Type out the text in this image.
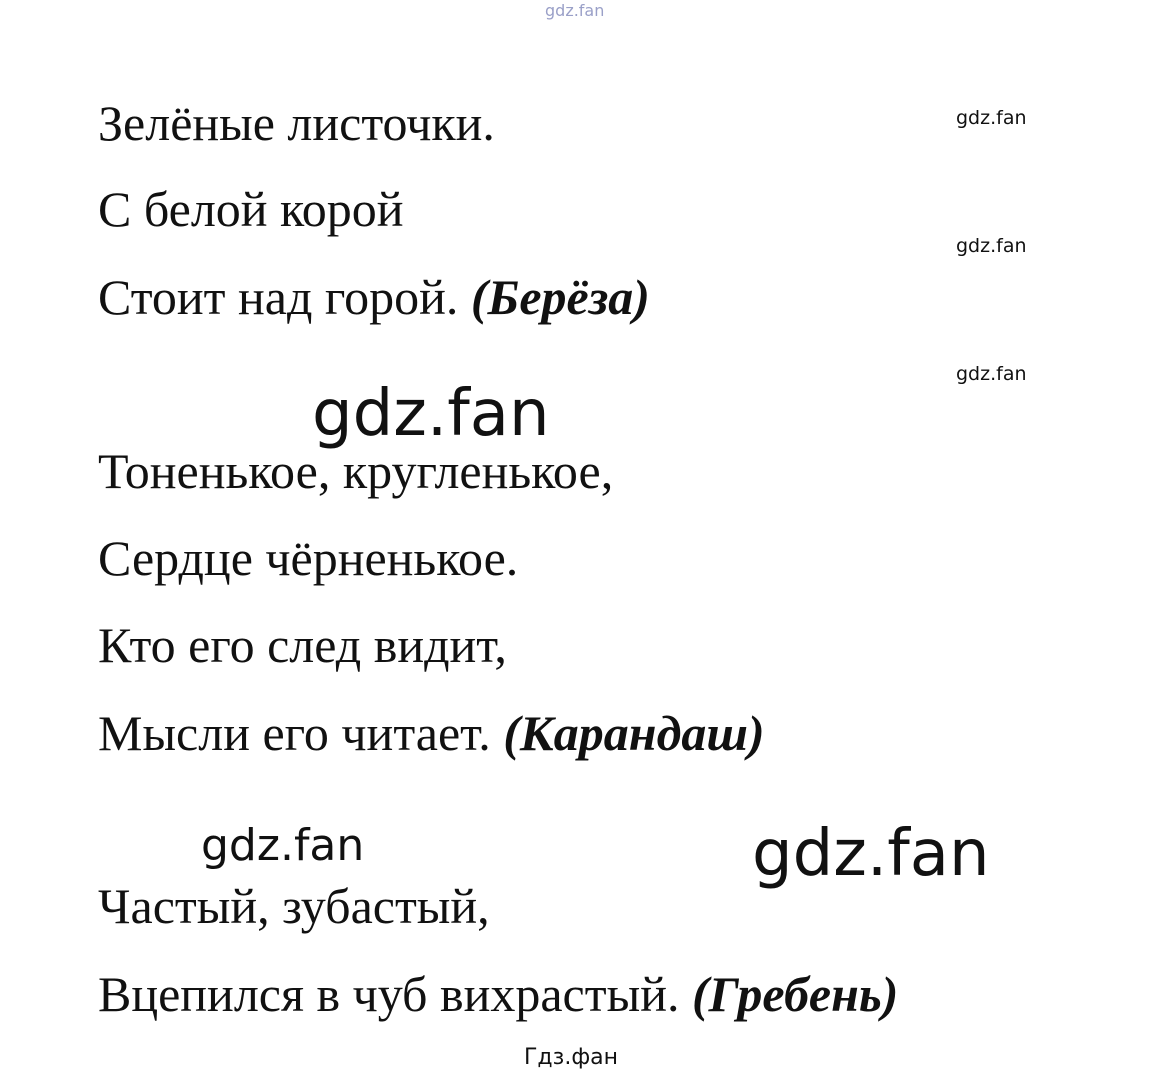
gdz.fan
Зелёные листочки.
С белой корой
Стоит над горой. (Берёза)
gdz.fan
gdz.fan
gdz.fan
gdz.fan
Тоненькое, кругленькое,
Сердце чёрненькое.
Кто его след видит,
Мысли его читает. (Карандаш)
gdz.fan	gdz.fan
Частый, зубастый,
Вцепился в чуб вихрастый. (Гребень)
Гдз.фан
